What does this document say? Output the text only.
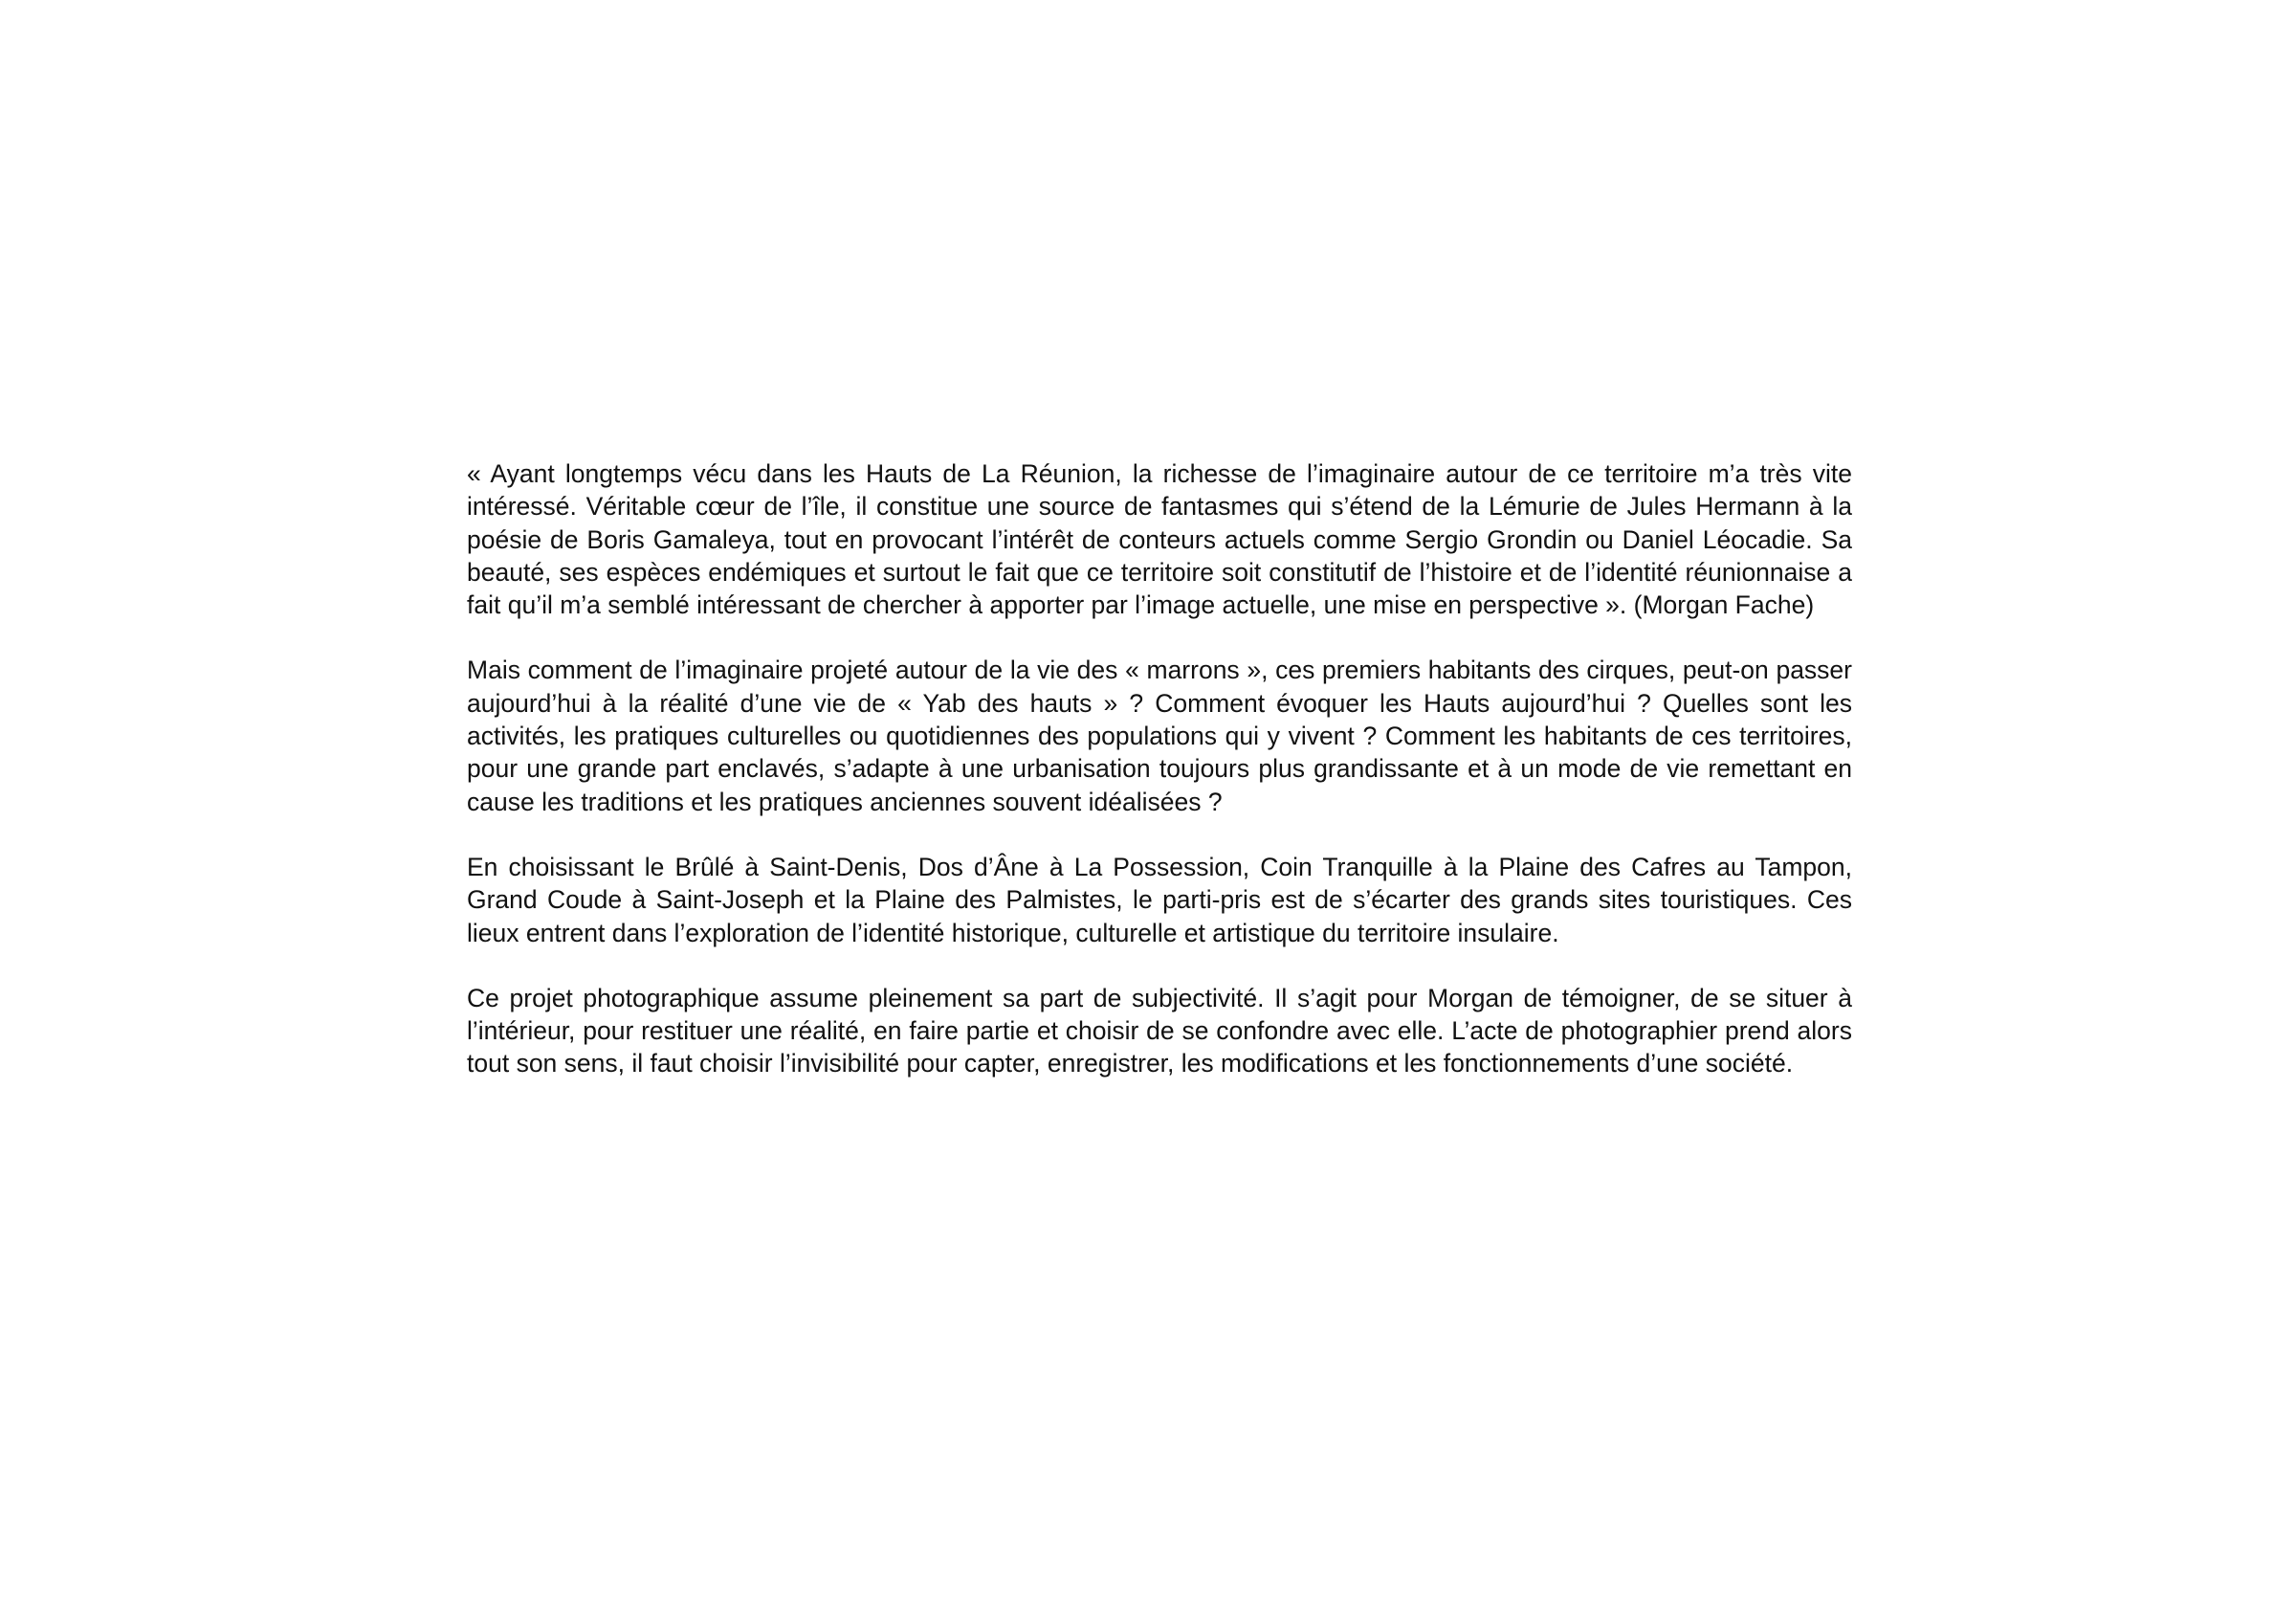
« Ayant longtemps vécu dans les Hauts de La Réunion, la richesse de l’imaginaire autour de ce territoire m’a très vite intéressé. Véritable cœur de l’île, il constitue une source de fantasmes qui s’étend de la Lémurie de Jules Hermann à la poésie de Boris Gamaleya, tout en provocant l’intérêt de conteurs actuels comme Sergio Grondin ou Daniel Léocadie. Sa beauté, ses espèces endémiques et surtout le fait que ce territoire soit constitutif de l’histoire et de l’identité réunionnaise a fait qu’il m’a semblé intéressant de chercher à apporter par l’image actuelle, une mise en perspective ». (Morgan Fache)

Mais comment de l’imaginaire projeté autour de la vie des « marrons », ces premiers habitants des cirques, peut-on passer aujourd’hui à la réalité d’une vie de « Yab des hauts » ? Comment évoquer les Hauts aujourd’hui ? Quelles sont les activités, les pratiques culturelles ou quotidiennes des populations qui y vivent ? Comment les habitants de ces territoires, pour une grande part enclavés, s’adapte à une urbanisation toujours plus grandissante et à un mode de vie remettant en cause les traditions et les pratiques anciennes souvent idéalisées ?

En choisissant le Brûlé à Saint-Denis, Dos d’Âne à La Possession, Coin Tranquille à la Plaine des Cafres au Tampon, Grand Coude à Saint-Joseph et la Plaine des Palmistes, le parti-pris est de s’écarter des grands sites touristiques. Ces lieux entrent dans l’exploration de l’identité historique, culturelle et artistique du territoire insulaire.

Ce projet photographique assume pleinement sa part de subjectivité. Il s’agit pour Morgan de témoigner, de se situer à l’intérieur, pour restituer une réalité, en faire partie et choisir de se confondre avec elle. L’acte de photographier prend alors tout son sens, il faut choisir l’invisibilité pour capter, enregistrer, les modifications et les fonctionnements d’une société.
